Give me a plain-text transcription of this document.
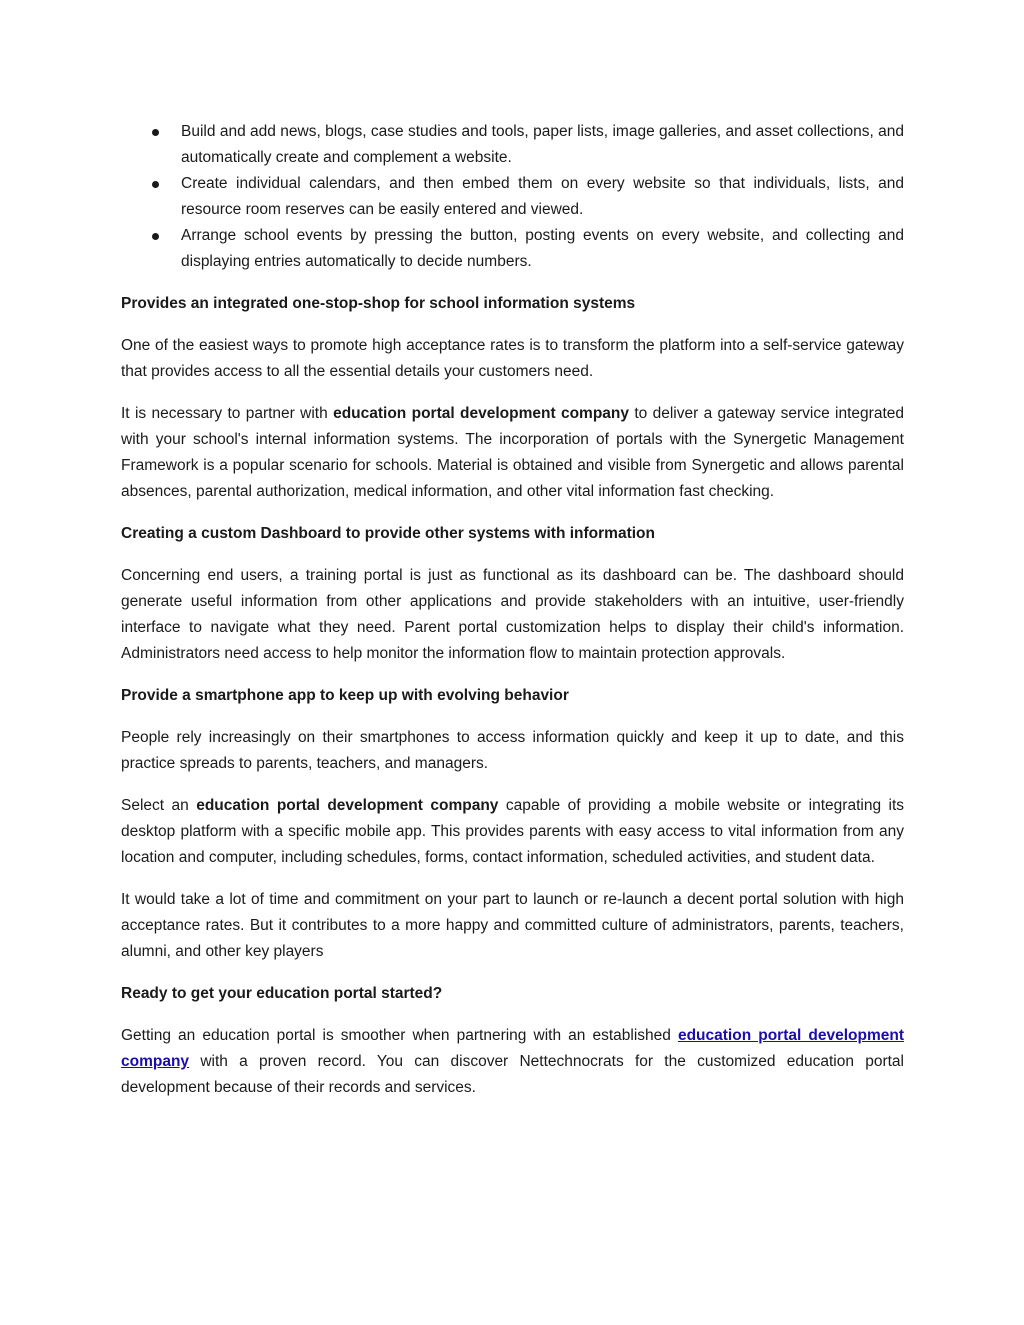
Build and add news, blogs, case studies and tools, paper lists, image galleries, and asset collections, and automatically create and complement a website.
Create individual calendars, and then embed them on every website so that individuals, lists, and resource room reserves can be easily entered and viewed.
Arrange school events by pressing the button, posting events on every website, and collecting and displaying entries automatically to decide numbers.

Provides an integrated one-stop-shop for school information systems

One of the easiest ways to promote high acceptance rates is to transform the platform into a self-service gateway that provides access to all the essential details your customers need.

It is necessary to partner with education portal development company to deliver a gateway service integrated with your school's internal information systems. The incorporation of portals with the Synergetic Management Framework is a popular scenario for schools. Material is obtained and visible from Synergetic and allows parental absences, parental authorization, medical information, and other vital information fast checking.

Creating a custom Dashboard to provide other systems with information

Concerning end users, a training portal is just as functional as its dashboard can be. The dashboard should generate useful information from other applications and provide stakeholders with an intuitive, user-friendly interface to navigate what they need. Parent portal customization helps to display their child's information. Administrators need access to help monitor the information flow to maintain protection approvals.

Provide a smartphone app to keep up with evolving behavior

People rely increasingly on their smartphones to access information quickly and keep it up to date, and this practice spreads to parents, teachers, and managers.

Select an education portal development company capable of providing a mobile website or integrating its desktop platform with a specific mobile app. This provides parents with easy access to vital information from any location and computer, including schedules, forms, contact information, scheduled activities, and student data.

It would take a lot of time and commitment on your part to launch or re-launch a decent portal solution with high acceptance rates. But it contributes to a more happy and committed culture of administrators, parents, teachers, alumni, and other key players

Ready to get your education portal started?

Getting an education portal is smoother when partnering with an established education portal development company with a proven record. You can discover Nettechnocrats for the customized education portal development because of their records and services.
